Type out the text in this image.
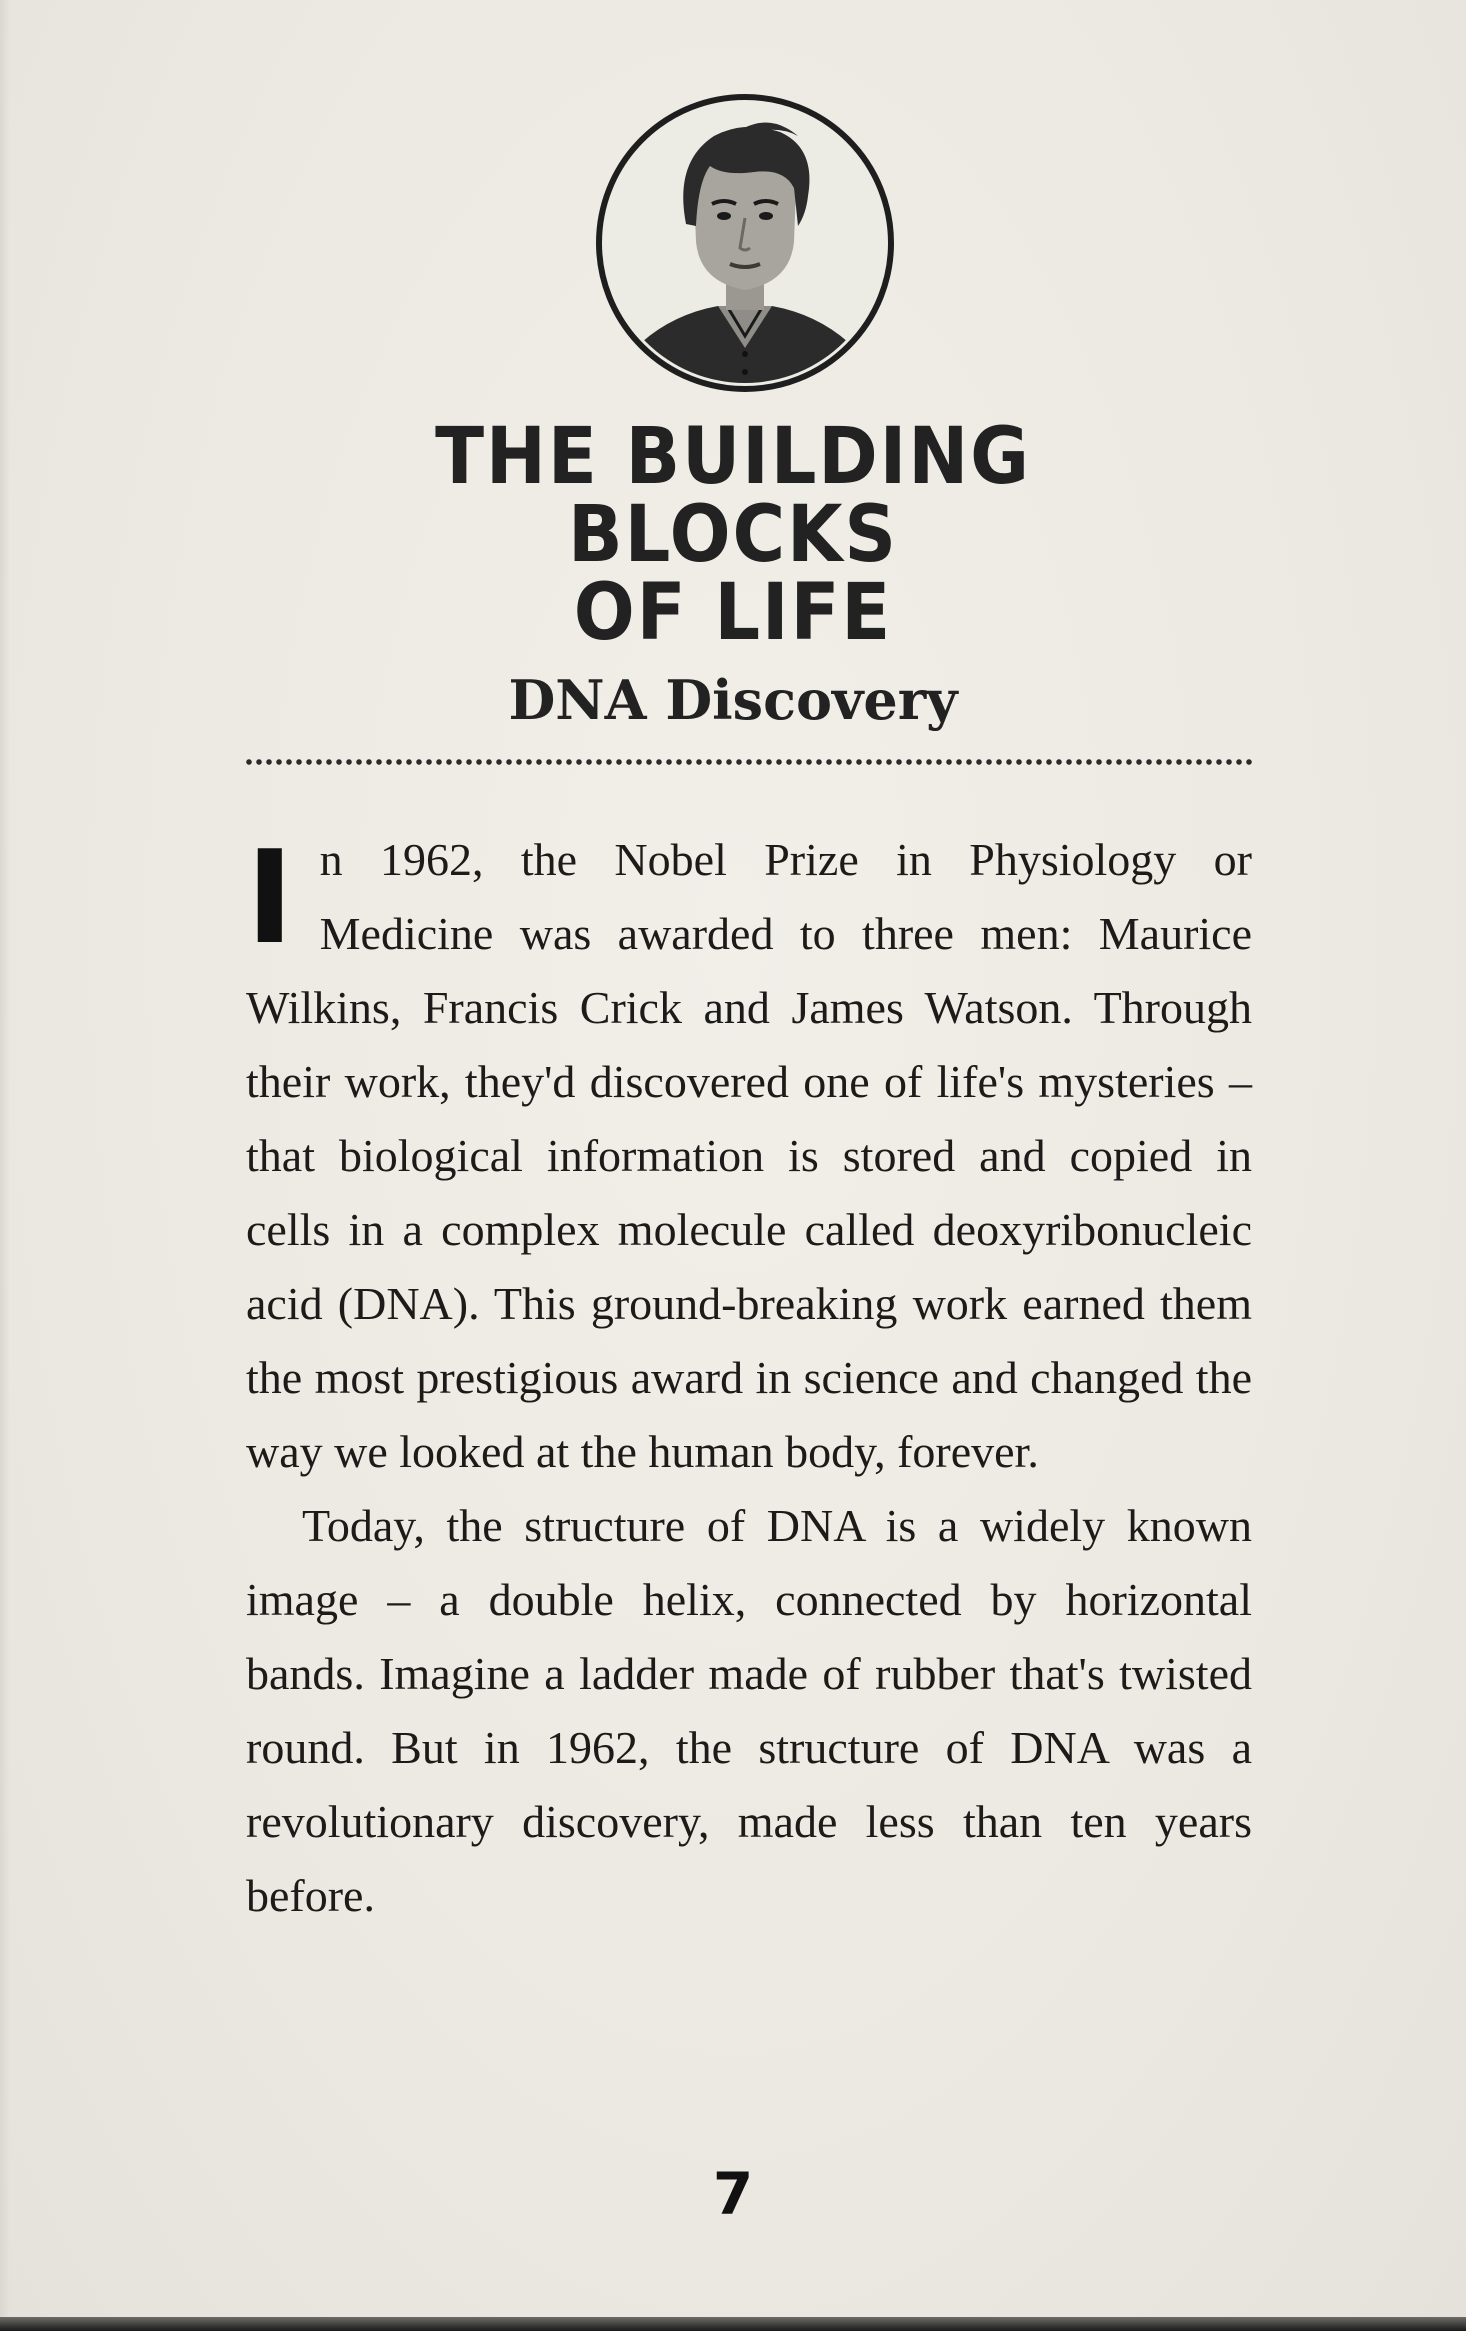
THE BUILDING BLOCKS
OF LIFE
DNA Discovery

In 1962, the Nobel Prize in Physiology or Medicine was awarded to three men: Maurice Wilkins, Francis Crick and James Watson. Through their work, they'd discovered one of life's mysteries – that biological information is stored and copied in cells in a complex molecule called deoxyribonucleic acid (DNA). This ground-breaking work earned them the most prestigious award in science and changed the way we looked at the human body, forever.

Today, the structure of DNA is a widely known image – a double helix, connected by horizontal bands. Imagine a ladder made of rubber that's twisted round. But in 1962, the structure of DNA was a revolutionary discovery, made less than ten years before.

7
